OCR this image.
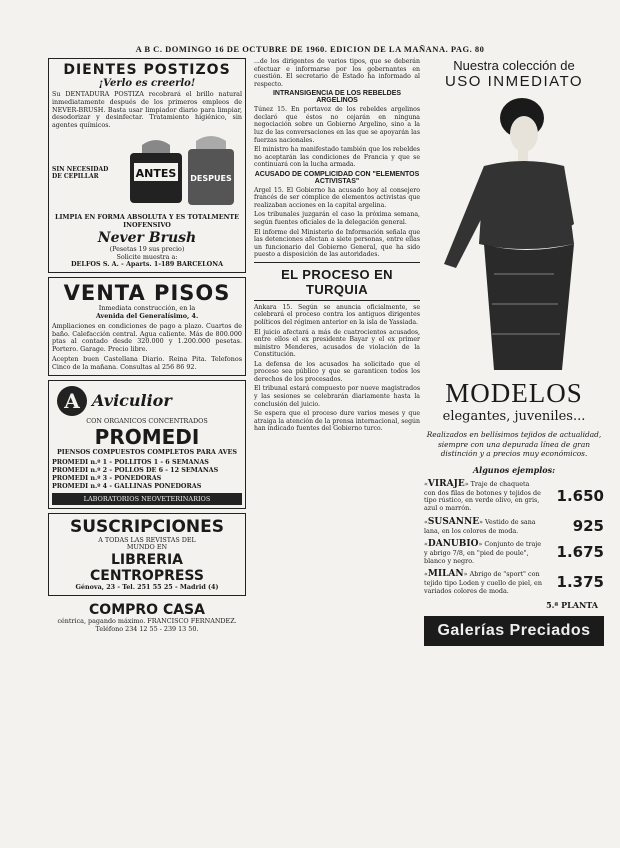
A B C. DOMINGO 16 DE OCTUBRE DE 1960. EDICION DE LA MAÑANA. PAG. 80
DIENTES POSTIZOS
¡Verlo es creerlo!
Su DENTADURA POSTIZA recobrará el brillo natural inmediatamente después de los primeros empleos de NEVER-BRUSH. Basta usar limpiador diario para limpiar, desodorizar y desinfectar. Tratamiento higiénico, sin agentes químicos.
SIN NECESIDAD DE CEPILLAR	ANTES DESPUES
LIMPIA EN FORMA ABSOLUTA Y ES TOTALMENTE INOFENSIVO
Never Brush
(Pesetas 19 sus precio)
Solicite muestra a:
DELFOS S. A. - Aparts. 1-189 BARCELONA
VENTA PISOS
Inmediata construcción, en la
Avenida del Generalísimo, 4.
Ampliaciones en condiciones de pago a plazo. Cuartos de baño. Calefacción central. Agua caliente. Más de 800.000 ptas al contado desde 320.000 y 1.200.000 pesetas. Portero. Garage. Precio libre.
Acepten buen Castellana Diario. Reina Pita. Telefonos Cinco de la mañana. Consultas al 256 86 92.
A Aviculior
CON ORGANICOS CONCENTRADOS
PROMEDI
PIENSOS COMPUESTOS COMPLETOS PARA AVES
PROMEDI n.º 1 - POLLITOS 1 - 6 SEMANAS
PROMEDI n.º 2 - POLLOS DE 6 - 12 SEMANAS
PROMEDI n.º 3 - PONEDORAS
PROMEDI n.º 4 - GALLINAS PONEDORAS
LABORATORIOS NEOVETERINARIOS
SUSCRIPCIONES
A TODAS LAS REVISTAS DEL
MUNDO EN
LIBRERIA
CENTROPRESS
Génova, 23 - Tel. 251 55 25 - Madrid (4)
COMPRO CASA
céntrica, pagando máximo. FRANCISCO FERNANDEZ. Teléfono 234 12 55 - 239 13 50.

...de los dirigentes de varios tipos, que se deberán efectuar e informarse por los gobernantes en cuestión. El secretario de Estado ha informado al respecto.

INTRANSIGENCIA DE LOS REBELDES ARGELINOS

Túnez 15. En portavoz de los rebeldes argelinos declaró que éstos no cejarán en ninguna negociación sobre un Gobierno Argelino, sino a la luz de las conversaciones en las que se apoyarán las fuerzas nacionales.

El ministro ha manifestado también que los rebeldes no aceptarán las condiciones de Francia y que se continuará con la lucha armada.

ACUSADO DE COMPLICIDAD CON "ELEMENTOS ACTIVISTAS"

Argel 15. El Gobierno ha acusado hoy al consejero francés de ser cómplice de elementos activistas que realizaban acciones en la capital argelina.

Los tribunales juzgarán el caso la próxima semana, según fuentes oficiales de la delegación general.

El informe del Ministerio de Información señala que las detenciones afectan a siete personas, entre ellas un funcionario del Gobierno General, que ha sido puesto a disposición de las autoridades.

EL PROCESO EN TURQUIA

Ankara 15. Según se anuncia oficialmente, se celebrará el proceso contra los antiguos dirigentes políticos del régimen anterior en la isla de Yassiada.

El juicio afectará a más de cuatrocientos acusados, entre ellos el ex presidente Bayar y el ex primer ministro Menderes, acusados de violación de la Constitución.

La defensa de los acusados ha solicitado que el proceso sea público y que se garanticen todos los derechos de los procesados.

El tribunal estará compuesto por nueve magistrados y las sesiones se celebrarán diariamente hasta la conclusión del juicio.

Se espera que el proceso dure varios meses y que atraiga la atención de la prensa internacional, según han indicado fuentes del Gobierno turco.

Nuestra colección de
USO INMEDIATO
MODELOS
elegantes, juveniles...
Realizados en bellísimos tejidos de actualidad, siempre con una depurada línea de gran distinción y a precios muy económicos.
Algunos ejemplos:
«VIRAJE» Traje de chaqueta con dos filas de botones y tejidos de tipo rústico, en verde olivo, en gris, azul o marrón.
1.650
«SUSANNE» Vestido de sana lana, en los colores de moda.	925
«DANUBIO» Conjunto de traje y abrigo 7/8, en "pied de poule", blanco y negro.	1.675
«MILAN» Abrigo de "sport" con tejido tipo Loden y cuello de piel, en variados colores de moda.	1.375
5.ª PLANTA
Galerías Preciados
